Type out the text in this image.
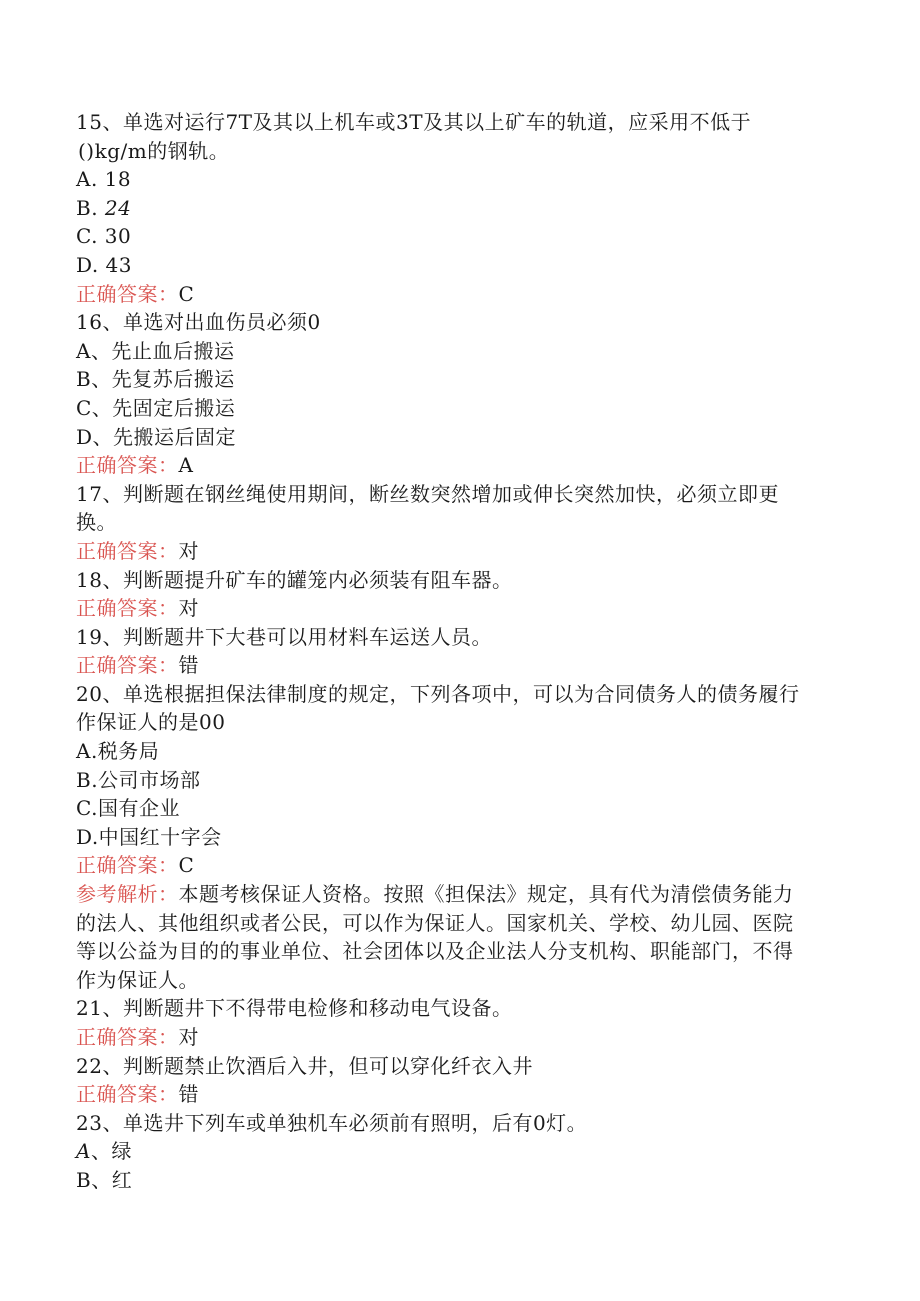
15、单选对运行7T及其以上机车或3T及其以上矿车的轨道，应采用不低于
()kg/m的钢轨。
A. 18
B. 24
C. 30
D. 43
正确答案：C
16、单选对出血伤员必须0
A、先止血后搬运
B、先复苏后搬运
C、先固定后搬运
D、先搬运后固定
正确答案：A
17、判断题在钢丝绳使用期间，断丝数突然增加或伸长突然加快，必须立即更
换。
正确答案：对
18、判断题提升矿车的罐笼内必须装有阻车器。
正确答案：对
19、判断题井下大巷可以用材料车运送人员。
正确答案：错
20、单选根据担保法律制度的规定，下列各项中，可以为合同债务人的债务履行
作保证人的是00
A.税务局
B.公司市场部
C.国有企业
D.中国红十字会
正确答案：C
参考解析：本题考核保证人资格。按照《担保法》规定，具有代为清偿债务能力
的法人、其他组织或者公民，可以作为保证人。国家机关、学校、幼儿园、医院
等以公益为目的的事业单位、社会团体以及企业法人分支机构、职能部门，不得
作为保证人。
21、判断题井下不得带电检修和移动电气设备。
正确答案：对
22、判断题禁止饮酒后入井，但可以穿化纤衣入井
正确答案：错
23、单选井下列车或单独机车必须前有照明，后有0灯。
A、绿
B、红
